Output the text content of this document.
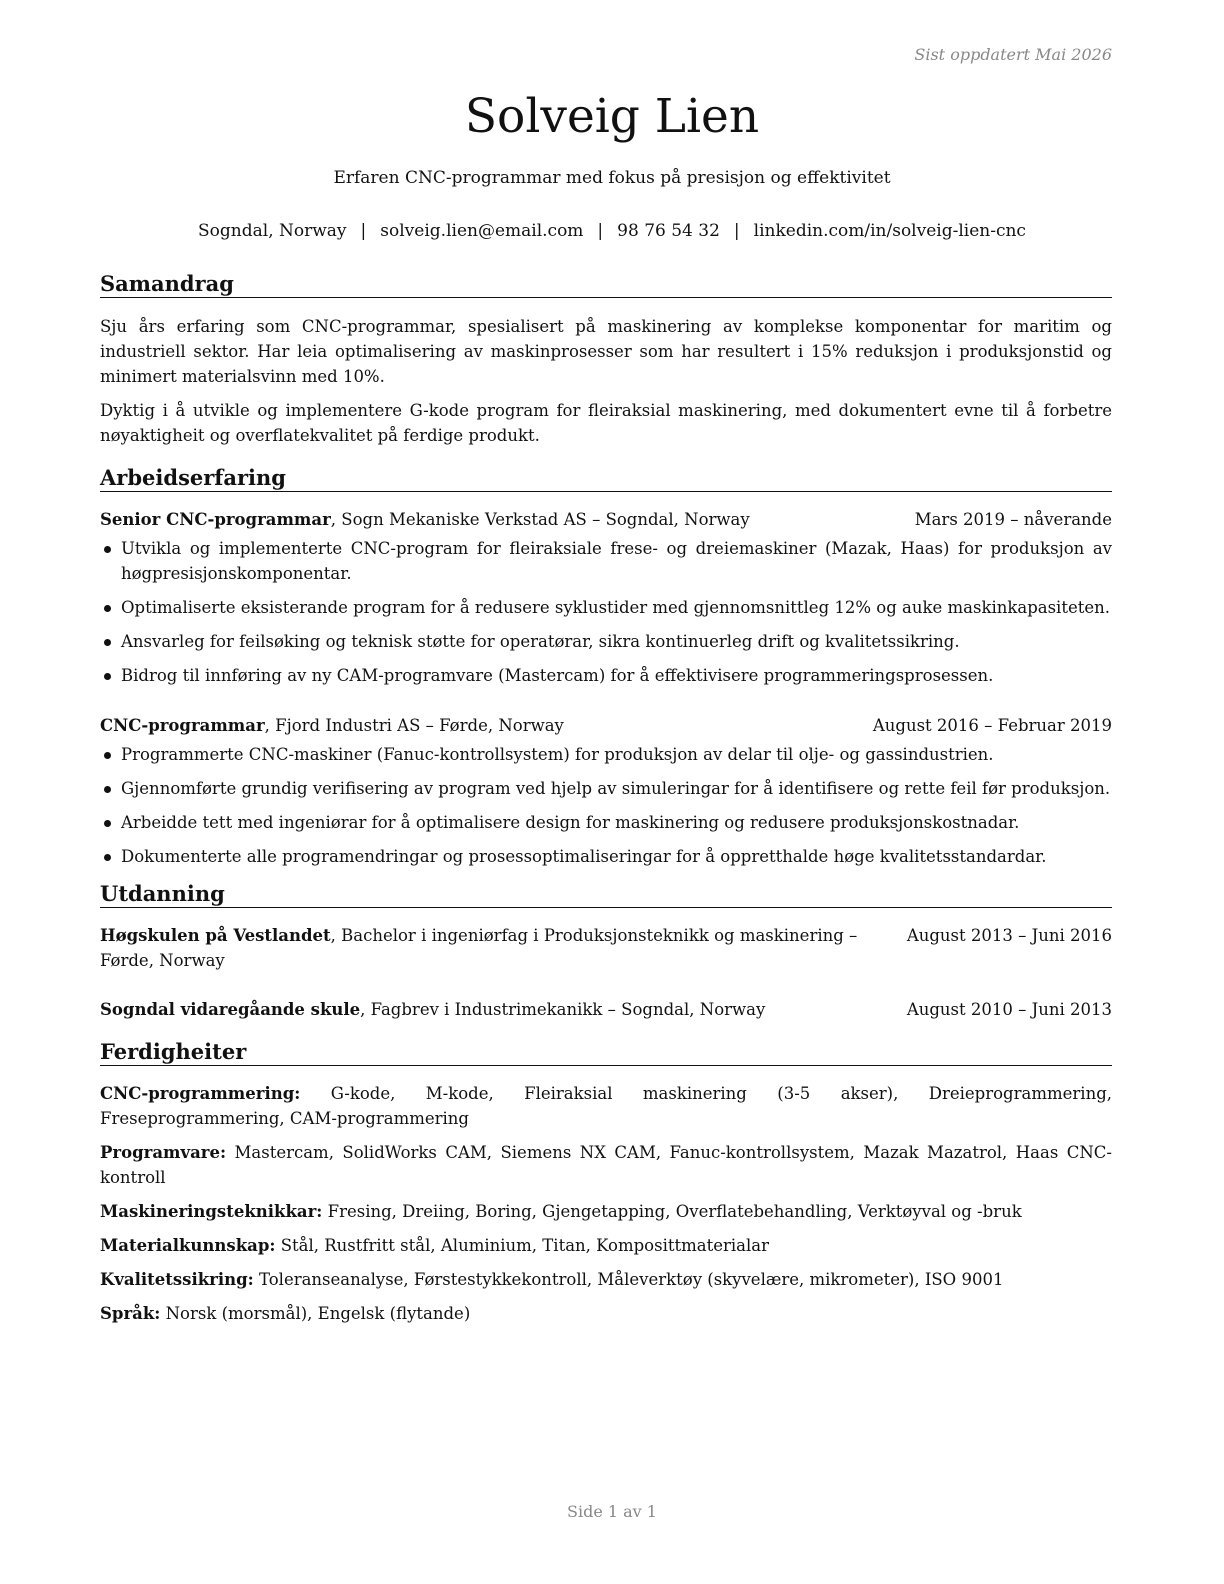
Sist oppdatert Mai 2026
Solveig Lien
Erfaren CNC-programmar med fokus på presisjon og effektivitet
Sogndal, Norway | solveig.lien@email.com | 98 76 54 32 | linkedin.com/in/solveig-lien-cnc
Samandrag

Sju års erfaring som CNC-programmar, spesialisert på maskinering av komplekse komponentar for maritim og industriell sektor. Har leia optimalisering av maskinprosesser som har resultert i 15% reduksjon i produksjonstid og minimert materialsvinn med 10%.

Dyktig i å utvikle og implementere G-kode program for fleiraksial maskinering, med dokumentert evne til å forbetre nøyaktigheit og overflatekvalitet på ferdige produkt.

Arbeidserfaring
Senior CNC-programmar, Sogn Mekaniske Verkstad AS – Sogndal, Norway	Mars 2019 – nåverande
Utvikla og implementerte CNC-program for fleiraksiale frese- og dreiemaskiner (Mazak, Haas) for produksjon av høgpresisjonskomponentar.
Optimaliserte eksisterande program for å redusere syklustider med gjennomsnittleg 12% og auke maskinkapasiteten.
Ansvarleg for feilsøking og teknisk støtte for operatørar, sikra kontinuerleg drift og kvalitetssikring.
Bidrog til innføring av ny CAM-programvare (Mastercam) for å effektivisere programmeringsprosessen.
CNC-programmar, Fjord Industri AS – Førde, Norway	August 2016 – Februar 2019
Programmerte CNC-maskiner (Fanuc-kontrollsystem) for produksjon av delar til olje- og gassindustrien.
Gjennomførte grundig verifisering av program ved hjelp av simuleringar for å identifisere og rette feil før produksjon.
Arbeidde tett med ingeniørar for å optimalisere design for maskinering og redusere produksjonskostnadar.
Dokumenterte alle programendringar og prosessoptimaliseringar for å oppretthalde høge kvalitetsstandardar.
Utdanning
Høgskulen på Vestlandet, Bachelor i ingeniørfag i Produksjonsteknikk og maskinering – Førde, Norway
August 2013 – Juni 2016
Sogndal vidaregåande skule, Fagbrev i Industrimekanikk – Sogndal, Norway	August 2010 – Juni 2013
Ferdigheiter

CNC-programmering: G-kode, M-kode, Fleiraksial maskinering (3-5 akser), Dreieprogrammering, Freseprogrammering, CAM-programmering

Programvare: Mastercam, SolidWorks CAM, Siemens NX CAM, Fanuc-kontrollsystem, Mazak Mazatrol, Haas CNC-kontroll

Maskineringsteknikkar: Fresing, Dreiing, Boring, Gjengetapping, Overflatebehandling, Verktøyval og -bruk

Materialkunnskap: Stål, Rustfritt stål, Aluminium, Titan, Komposittmaterialar

Kvalitetssikring: Toleranseanalyse, Førstestykkekontroll, Måleverktøy (skyvelære, mikrometer), ISO 9001

Språk: Norsk (morsmål), Engelsk (flytande)

Side 1 av 1
